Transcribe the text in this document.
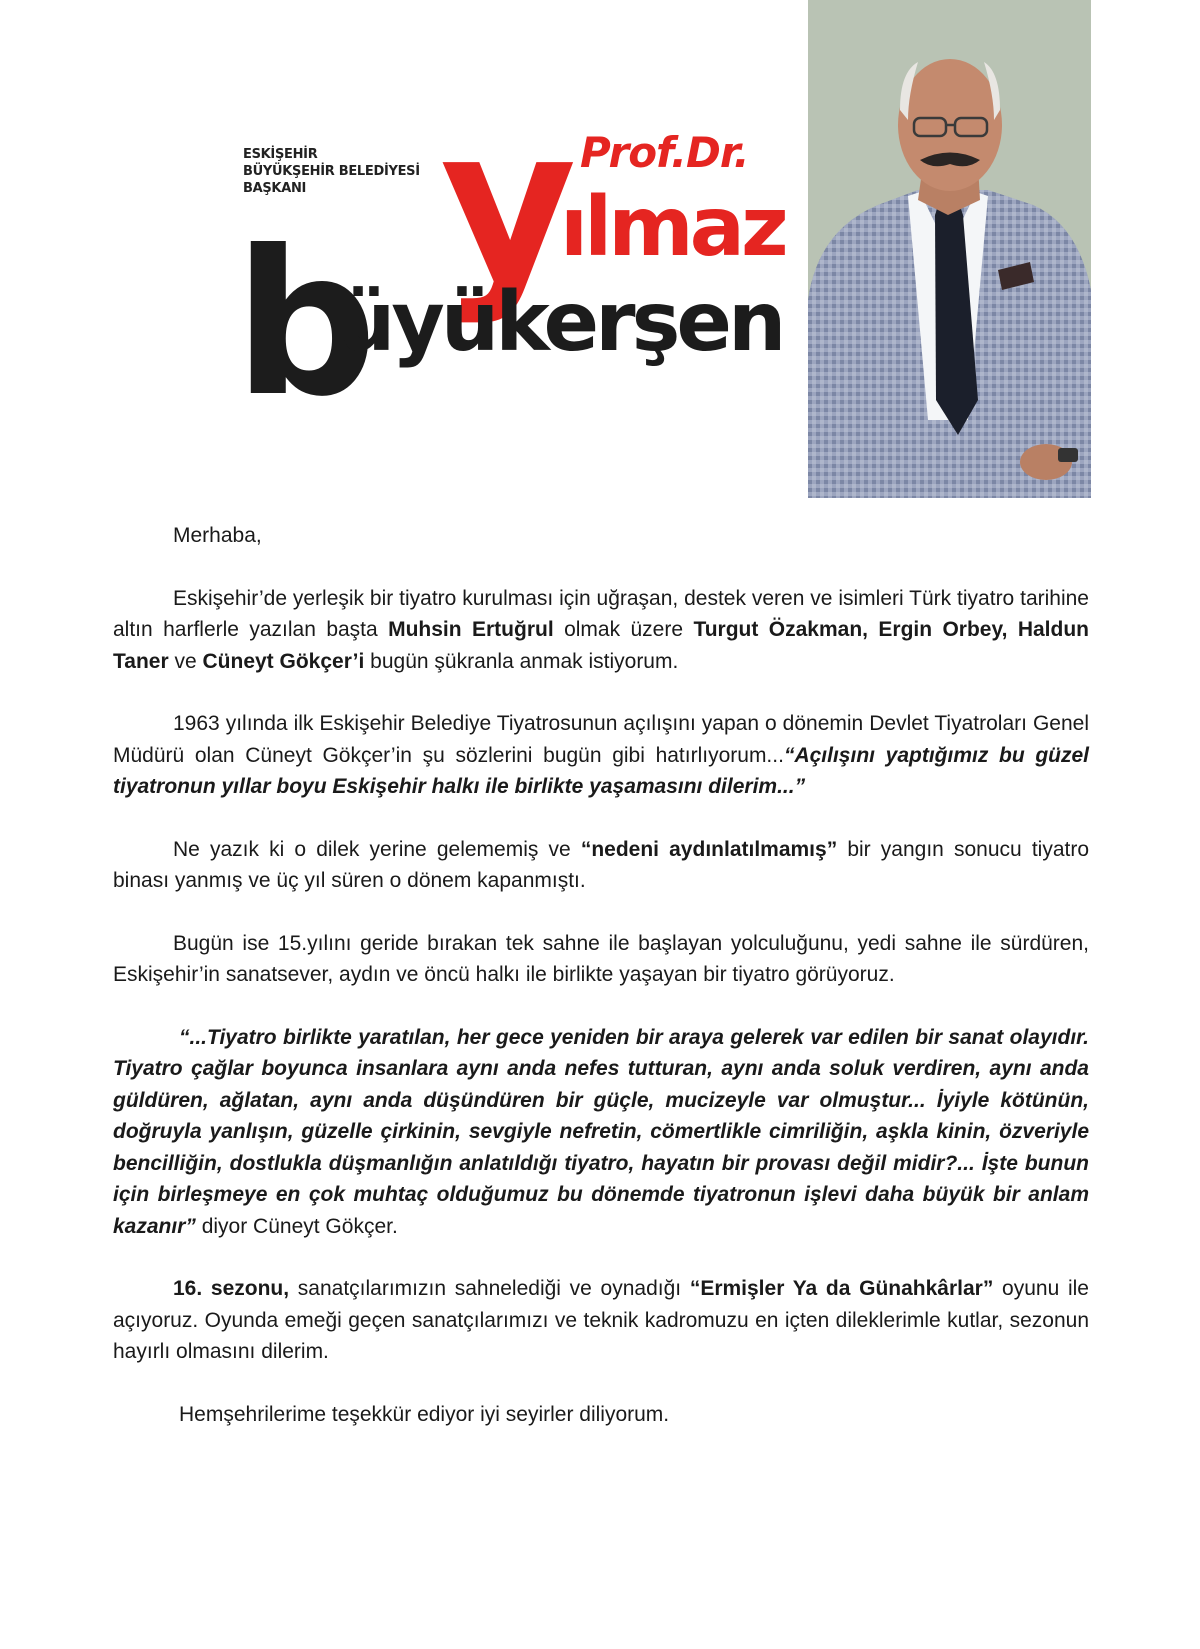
ESKİŞEHİR
BÜYÜKŞEHİR BELEDİYESİ
BAŞKANI
Prof.Dr.
y
ılmaz
b
üyükerşen

Merhaba,

Eskişehir’de yerleşik bir tiyatro kurulması için uğraşan, destek veren ve isimleri Türk tiyatro tarihine altın harflerle yazılan başta Muhsin Ertuğrul olmak üzere Turgut Özakman, Ergin Orbey, Haldun Taner ve Cüneyt Gökçer’i bugün şükranla anmak istiyorum.

1963 yılında ilk Eskişehir Belediye Tiyatrosunun açılışını yapan o dönemin Devlet Tiyatroları Genel Müdürü olan Cüneyt Gökçer’in şu sözlerini bugün gibi hatırlıyorum...“Açılışını yaptığımız bu güzel tiyatronun yıllar boyu Eskişehir halkı ile birlikte yaşamasını dilerim...”

Ne yazık ki o dilek yerine gelememiş ve “nedeni aydınlatılmamış” bir yangın sonucu tiyatro binası yanmış ve üç yıl süren o dönem kapanmıştı.

Bugün ise 15.yılını geride bırakan tek sahne ile başlayan yolculuğunu, yedi sahne ile sürdüren, Eskişehir’in sanatsever, aydın ve öncü halkı ile birlikte yaşayan bir tiyatro görüyoruz.

“...Tiyatro birlikte yaratılan, her gece yeniden bir araya gelerek var edilen bir sanat olayıdır. Tiyatro çağlar boyunca insanlara aynı anda nefes tutturan, aynı anda soluk verdiren, aynı anda güldüren, ağlatan, aynı anda düşündüren bir güçle, mucizeyle var olmuştur... İyiyle kötünün, doğruyla yanlışın, güzelle çirkinin, sevgiyle nefretin, cömertlikle cimriliğin, aşkla kinin, özveriyle bencilliğin, dostlukla düşmanlığın anlatıldığı tiyatro, hayatın bir provası değil midir?... İşte bunun için birleşmeye en çok muhtaç olduğumuz bu dönemde tiyatronun işlevi daha büyük bir anlam kazanır” diyor Cüneyt Gökçer.

16. sezonu, sanatçılarımızın sahnelediği ve oynadığı “Ermişler Ya da Günahkârlar” oyunu ile açıyoruz. Oyunda emeği geçen sanatçılarımızı ve teknik kadromuzu en içten dileklerimle kutlar, sezonun hayırlı olmasını dilerim.

Hemşehrilerime teşekkür ediyor iyi seyirler diliyorum.
